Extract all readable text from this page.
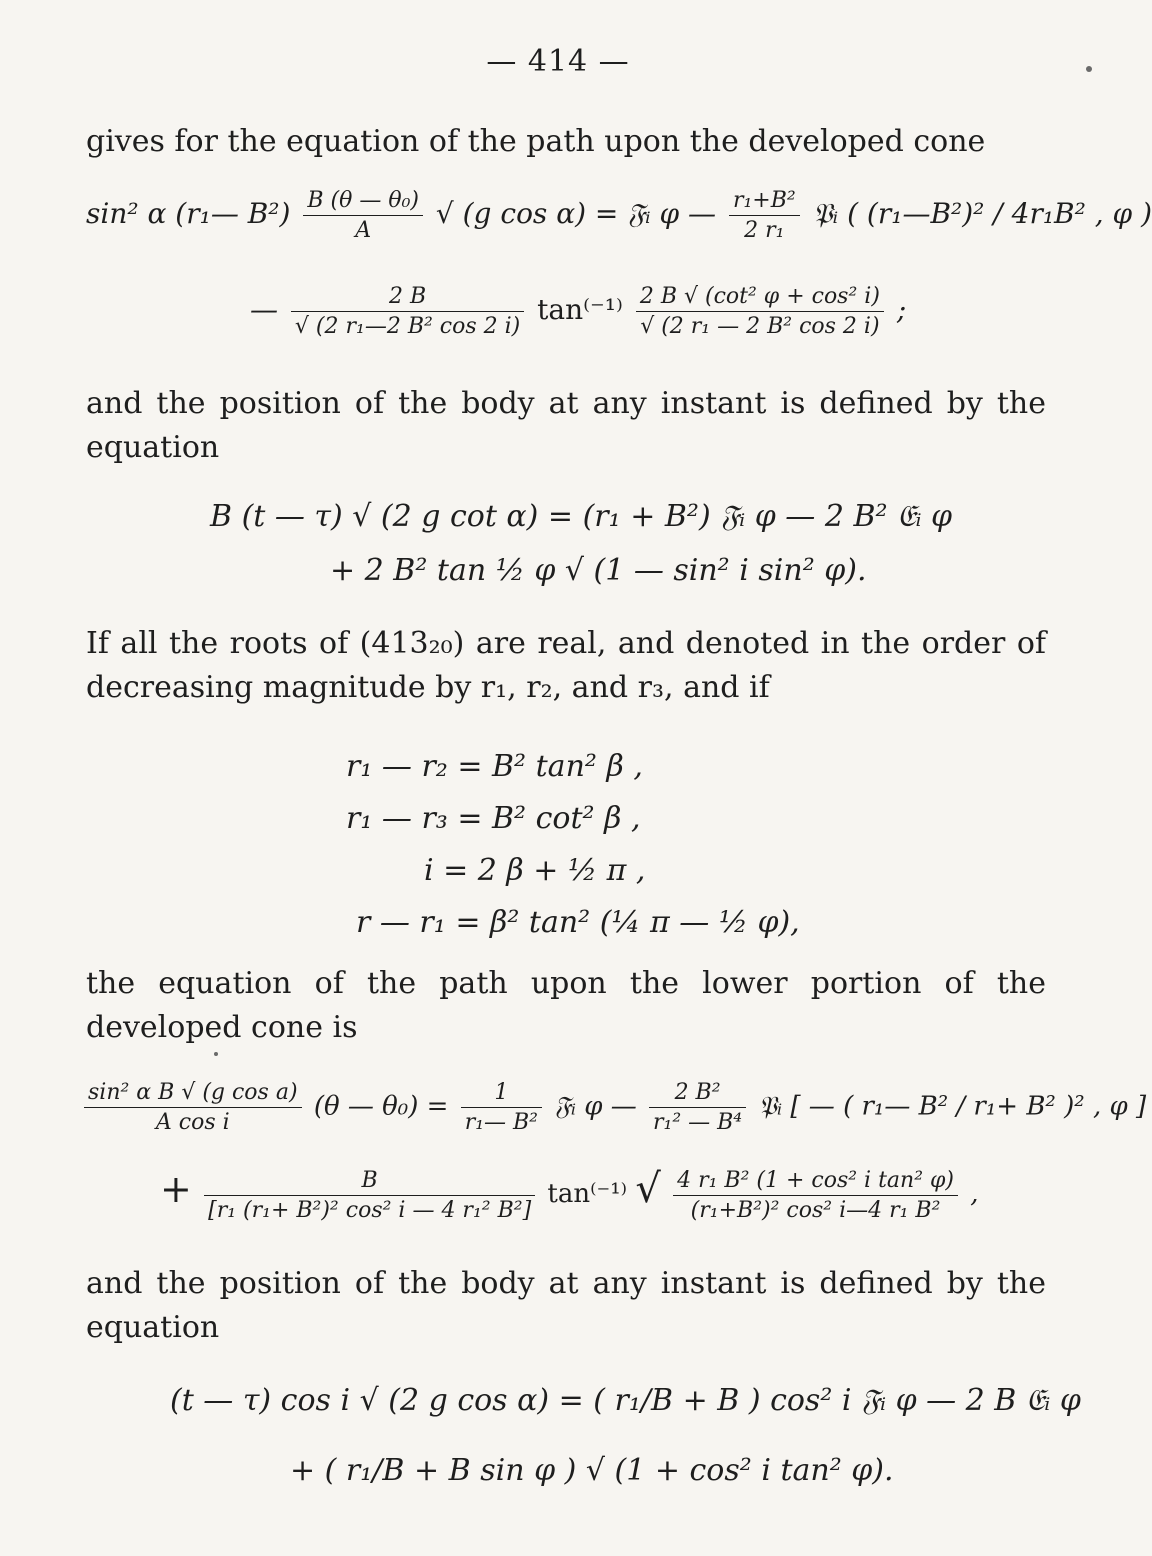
— 414 —
gives for the equation of the path upon the developed cone
sin² α (r₁— $B^2) \frac{\text{B (θ — θ₀)}}{A}$ √ (g cos α) = 𝔉ᵢ φ — $\frac{\text{r₁+B²}}{\text{2 r₁}}$ 𝔓ᵢ ( (r₁—B²)² / 4r₁B² , φ )
— $\frac{2 B}{\text{√ (2 r₁—2 B² cos 2 i)}} \tan^{(-1)} \frac{\text{2 B √ (cot² φ + cos² i)}}{\text{√ (2 r₁ — 2 B² cos 2 i)}}$ ;
and the position of the body at any instant is defined by the equation
B (t — τ) √ (2 g cot α) = (r₁ + B²) 𝔉ᵢ φ — 2 B² 𝔈ᵢ φ
+ 2 B² tan ½ φ √ (1 — sin² i sin² φ).
If all the roots of (413₂₀) are real, and denoted in the order of decreasing magnitude by r₁, r₂, and r₃, and if
r₁ — r₂ = B² tan² β ,
r₁ — r₃ = B² cot² β ,
i = 2 β + ½ π ,
r — r₁ = β² tan² (¼ π — ½ φ),
the equation of the path upon the lower portion of the developed cone is
$\frac{\text{sin² α B √ (g cos a)}}{\text{A cos i}} (\theta$ — $\theta_0) = \frac{1}{\text{r₁— B²}}$ 𝔉ᵢ φ — $\frac{\text{2 B²}}{\text{r₁² — B⁴}}$ 𝔓ᵢ [ — ( r₁— B² / r₁+ B² )² , φ ]
+ $\frac{B}{\text{[r₁ (r₁+ B²)² cos² i — 4 r₁² B²]}} \tan^{(-1)}$ √ $\frac{\text{4 r₁ B² (1 + cos² i tan² φ)}}{\text{(r₁+B²)² cos² i—4 r₁ B²}}$ ,
and the position of the body at any instant is defined by the equation
(t — τ) cos i √ (2 g cos α) = ( r₁/B + B ) cos² i 𝔉ᵢ φ — 2 B 𝔈ᵢ φ
+ ( r₁/B + B sin φ ) √ (1 + cos² i tan² φ).
